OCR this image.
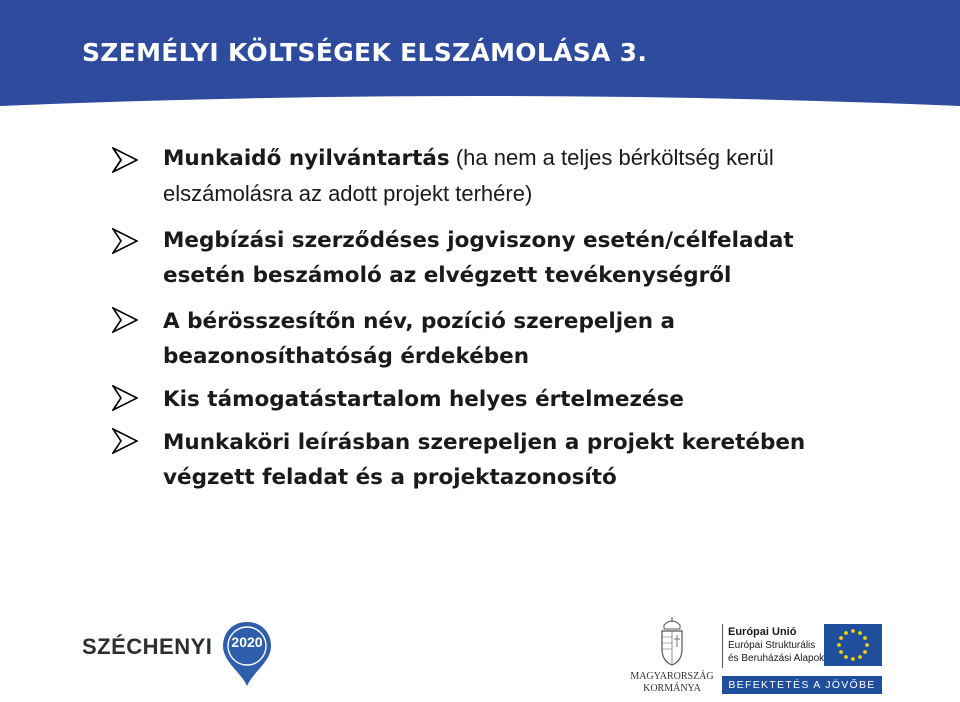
SZEMÉLYI KÖLTSÉGEK ELSZÁMOLÁSA 3.
Munkaidő nyilvántartás (ha nem a teljes bérköltség kerül
elszámolásra az adott projekt terhére)
Megbízási szerződéses jogviszony esetén/célfeladat
esetén beszámoló az elvégzett tevékenységről
A bérösszesítőn név, pozíció szerepeljen a
beazonosíthatóság érdekében
Kis támogatástartalom helyes értelmezése
Munkaköri leírásban szerepeljen a projekt keretében
végzett feladat és a projektazonosító
SZÉCHENYI	2020
MAGYARORSZÁG
KORMÁNYA
Európai Unió
Európai Strukturális
és Beruházási Alapok
BEFEKTETÉS A JÖVŐBE
